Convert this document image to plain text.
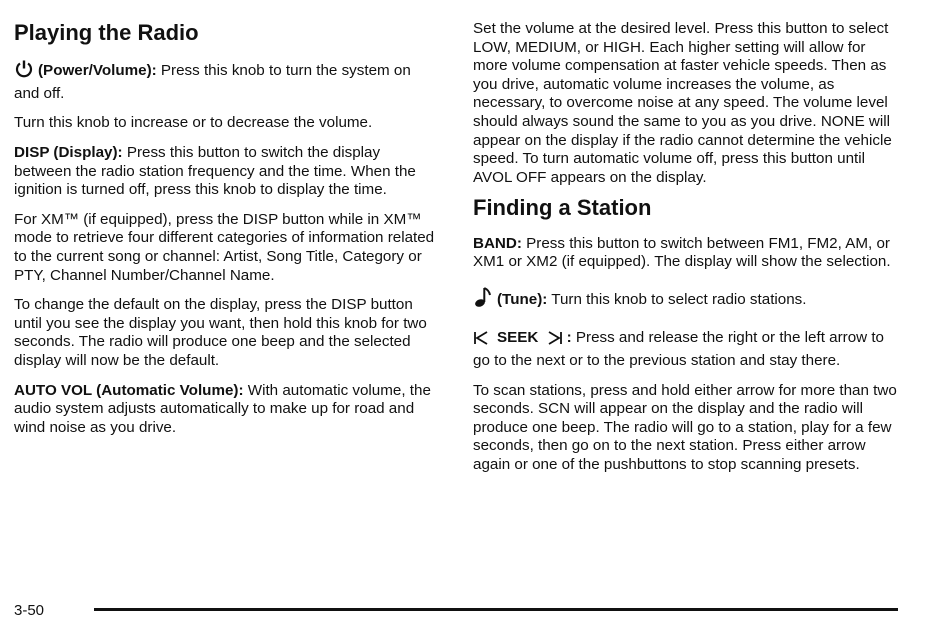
Playing the Radio

(Power/Volume): Press this knob to turn the system on and off.

Turn this knob to increase or to decrease the volume.

DISP (Display): Press this button to switch the display between the radio station frequency and the time. When the ignition is turned off, press this knob to display the time.

For XM™ (if equipped), press the DISP button while in XM™ mode to retrieve four different categories of information related to the current song or channel: Artist, Song Title, Category or PTY, Channel Number/Channel Name.

To change the default on the display, press the DISP button until you see the display you want, then hold this knob for two seconds. The radio will produce one beep and the selected display will now be the default.

AUTO VOL (Automatic Volume): With automatic volume, the audio system adjusts automatically to make up for road and wind noise as you drive.

Set the volume at the desired level. Press this button to select LOW, MEDIUM, or HIGH. Each higher setting will allow for more volume compensation at faster vehicle speeds. Then as you drive, automatic volume increases the volume, as necessary, to overcome noise at any speed. The volume level should always sound the same to you as you drive. NONE will appear on the display if the radio cannot determine the vehicle speed. To turn automatic volume off, press this button until AVOL OFF appears on the display.

Finding a Station

BAND: Press this button to switch between FM1, FM2, AM, or XM1 or XM2 (if equipped). The display will show the selection.

(Tune): Turn this knob to select radio stations.

SEEK : Press and release the right or the left arrow to go to the next or to the previous station and stay there.

To scan stations, press and hold either arrow for more than two seconds. SCN will appear on the display and the radio will produce one beep. The radio will go to a station, play for a few seconds, then go on to the next station. Press either arrow again or one of the pushbuttons to stop scanning presets.

3-50
